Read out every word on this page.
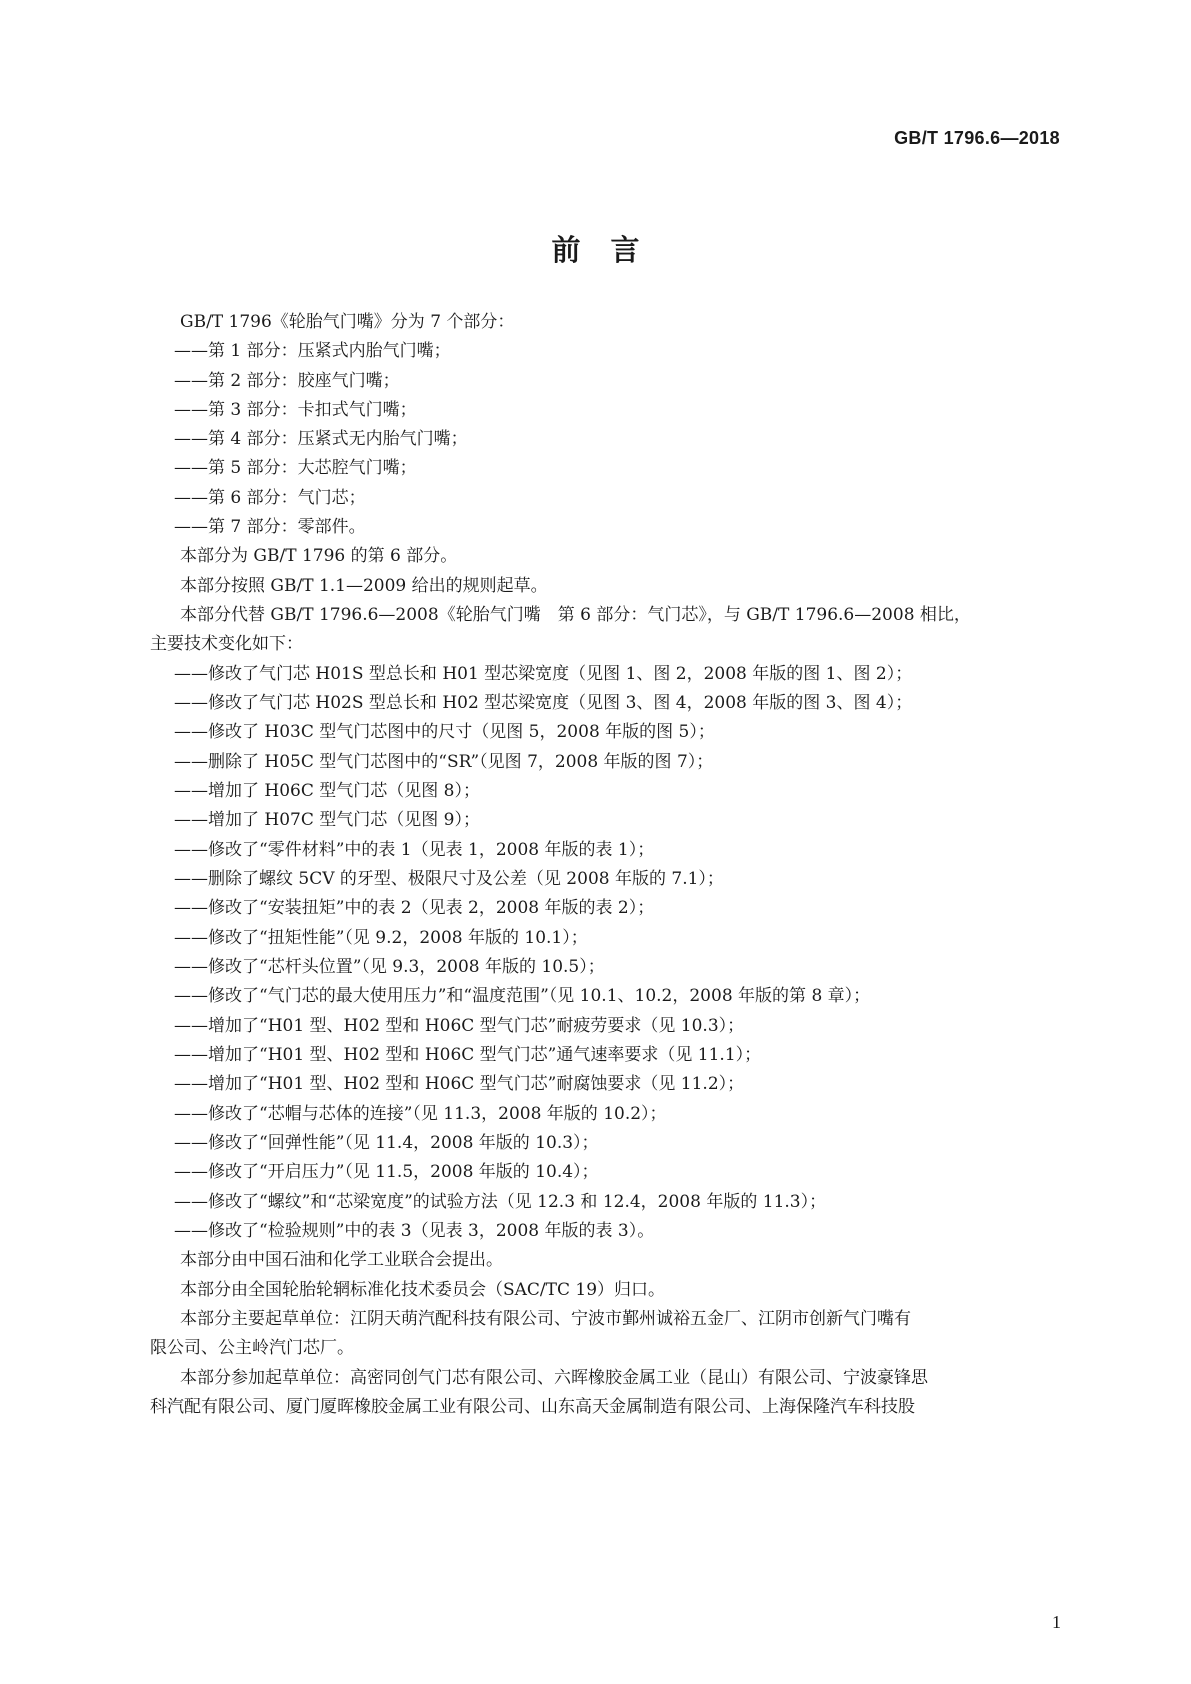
GB/T 1796.6—2018
前言
GB/T 1796《轮胎气门嘴》分为 7 个部分：
——第 1 部分：压紧式内胎气门嘴；
——第 2 部分：胶座气门嘴；
——第 3 部分：卡扣式气门嘴；
——第 4 部分：压紧式无内胎气门嘴；
——第 5 部分：大芯腔气门嘴；
——第 6 部分：气门芯；
——第 7 部分：零部件。
本部分为 GB/T 1796 的第 6 部分。
本部分按照 GB/T 1.1—2009 给出的规则起草。
本部分代替 GB/T 1796.6—2008《轮胎气门嘴　第 6 部分：气门芯》，与 GB/T 1796.6—2008 相比，
主要技术变化如下：
——修改了气门芯 H01S 型总长和 H01 型芯梁宽度（见图 1、图 2，2008 年版的图 1、图 2）；
——修改了气门芯 H02S 型总长和 H02 型芯梁宽度（见图 3、图 4，2008 年版的图 3、图 4）；
——修改了 H03C 型气门芯图中的尺寸（见图 5，2008 年版的图 5）；
——删除了 H05C 型气门芯图中的“SR”（见图 7，2008 年版的图 7）；
——增加了 H06C 型气门芯（见图 8）；
——增加了 H07C 型气门芯（见图 9）；
——修改了“零件材料”中的表 1（见表 1，2008 年版的表 1）；
——删除了螺纹 5CV 的牙型、极限尺寸及公差（见 2008 年版的 7.1）；
——修改了“安装扭矩”中的表 2（见表 2，2008 年版的表 2）；
——修改了“扭矩性能”（见 9.2，2008 年版的 10.1）；
——修改了“芯杆头位置”（见 9.3，2008 年版的 10.5）；
——修改了“气门芯的最大使用压力”和“温度范围”（见 10.1、10.2，2008 年版的第 8 章）；
——增加了“H01 型、H02 型和 H06C 型气门芯”耐疲劳要求（见 10.3）；
——增加了“H01 型、H02 型和 H06C 型气门芯”通气速率要求（见 11.1）；
——增加了“H01 型、H02 型和 H06C 型气门芯”耐腐蚀要求（见 11.2）；
——修改了“芯帽与芯体的连接”（见 11.3，2008 年版的 10.2）；
——修改了“回弹性能”（见 11.4，2008 年版的 10.3）；
——修改了“开启压力”（见 11.5，2008 年版的 10.4）；
——修改了“螺纹”和“芯梁宽度”的试验方法（见 12.3 和 12.4，2008 年版的 11.3）；
——修改了“检验规则”中的表 3（见表 3，2008 年版的表 3）。
本部分由中国石油和化学工业联合会提出。
本部分由全国轮胎轮辋标准化技术委员会（SAC/TC 19）归口。
本部分主要起草单位：江阴天萌汽配科技有限公司、宁波市鄞州诚裕五金厂、江阴市创新气门嘴有
限公司、公主岭汽门芯厂。
本部分参加起草单位：高密同创气门芯有限公司、六晖橡胶金属工业（昆山）有限公司、宁波豪锋思
科汽配有限公司、厦门厦晖橡胶金属工业有限公司、山东高天金属制造有限公司、上海保隆汽车科技股
1
